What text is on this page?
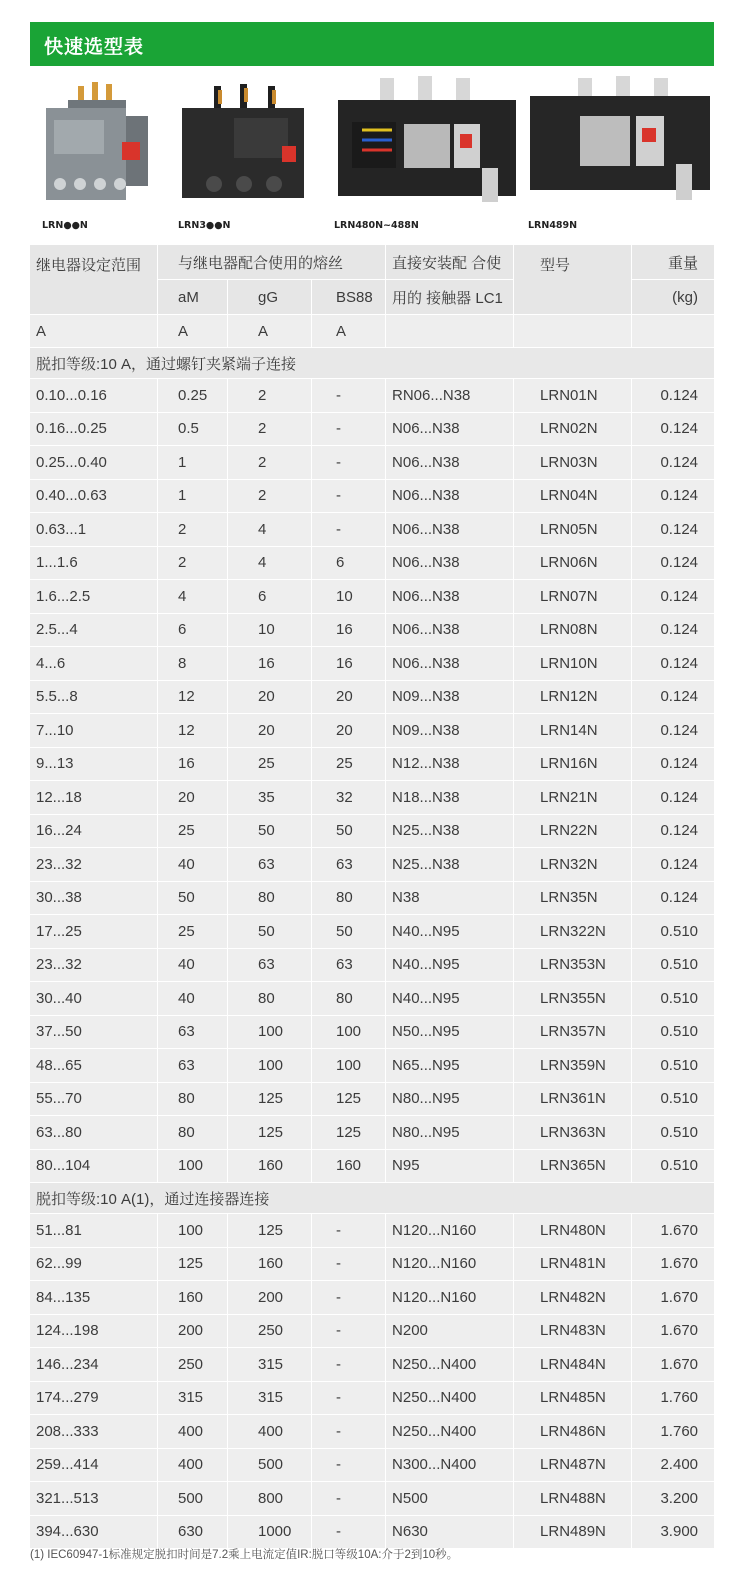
快速选型表
LRN●●N	LRN3●●N	LRN480N~488N	LRN489N
继电器设定范围	与继电器配合使用的熔丝			直接安装配 合使	型号	重量
	aM	gG	BS88	用的 接触器 LC1		(kg)
A	A	A	A			
脱扣等级:10 A，通过螺钉夹紧端子连接						
0.10...0.16	0.25	2	-	RN06...N38	LRN01N	0.124
0.16...0.25	0.5	2	-	N06...N38	LRN02N	0.124
0.25...0.40	1	2	-	N06...N38	LRN03N	0.124
0.40...0.63	1	2	-	N06...N38	LRN04N	0.124
0.63...1	2	4	-	N06...N38	LRN05N	0.124
1...1.6	2	4	6	N06...N38	LRN06N	0.124
1.6...2.5	4	6	10	N06...N38	LRN07N	0.124
2.5...4	6	10	16	N06...N38	LRN08N	0.124
4...6	8	16	16	N06...N38	LRN10N	0.124
5.5...8	12	20	20	N09...N38	LRN12N	0.124
7...10	12	20	20	N09...N38	LRN14N	0.124
9...13	16	25	25	N12...N38	LRN16N	0.124
12...18	20	35	32	N18...N38	LRN21N	0.124
16...24	25	50	50	N25...N38	LRN22N	0.124
23...32	40	63	63	N25...N38	LRN32N	0.124
30...38	50	80	80	N38	LRN35N	0.124
17...25	25	50	50	N40...N95	LRN322N	0.510
23...32	40	63	63	N40...N95	LRN353N	0.510
30...40	40	80	80	N40...N95	LRN355N	0.510
37...50	63	100	100	N50...N95	LRN357N	0.510
48...65	63	100	100	N65...N95	LRN359N	0.510
55...70	80	125	125	N80...N95	LRN361N	0.510
63...80	80	125	125	N80...N95	LRN363N	0.510
80...104	100	160	160	N95	LRN365N	0.510
脱扣等级:10 A(1)，通过连接器连接						
51...81	100	125	-	N120...N160	LRN480N	1.670
62...99	125	160	-	N120...N160	LRN481N	1.670
84...135	160	200	-	N120...N160	LRN482N	1.670
124...198	200	250	-	N200	LRN483N	1.670
146...234	250	315	-	N250...N400	LRN484N	1.670
174...279	315	315	-	N250...N400	LRN485N	1.760
208...333	400	400	-	N250...N400	LRN486N	1.760
259...414	400	500	-	N300...N400	LRN487N	2.400
321...513	500	800	-	N500	LRN488N	3.200
394...630	630	1000	-	N630	LRN489N	3.900
(1) IEC60947-1标准规定脱扣时间是7.2乘上电流定值IR:脱口等级10A:介于2到10秒。
